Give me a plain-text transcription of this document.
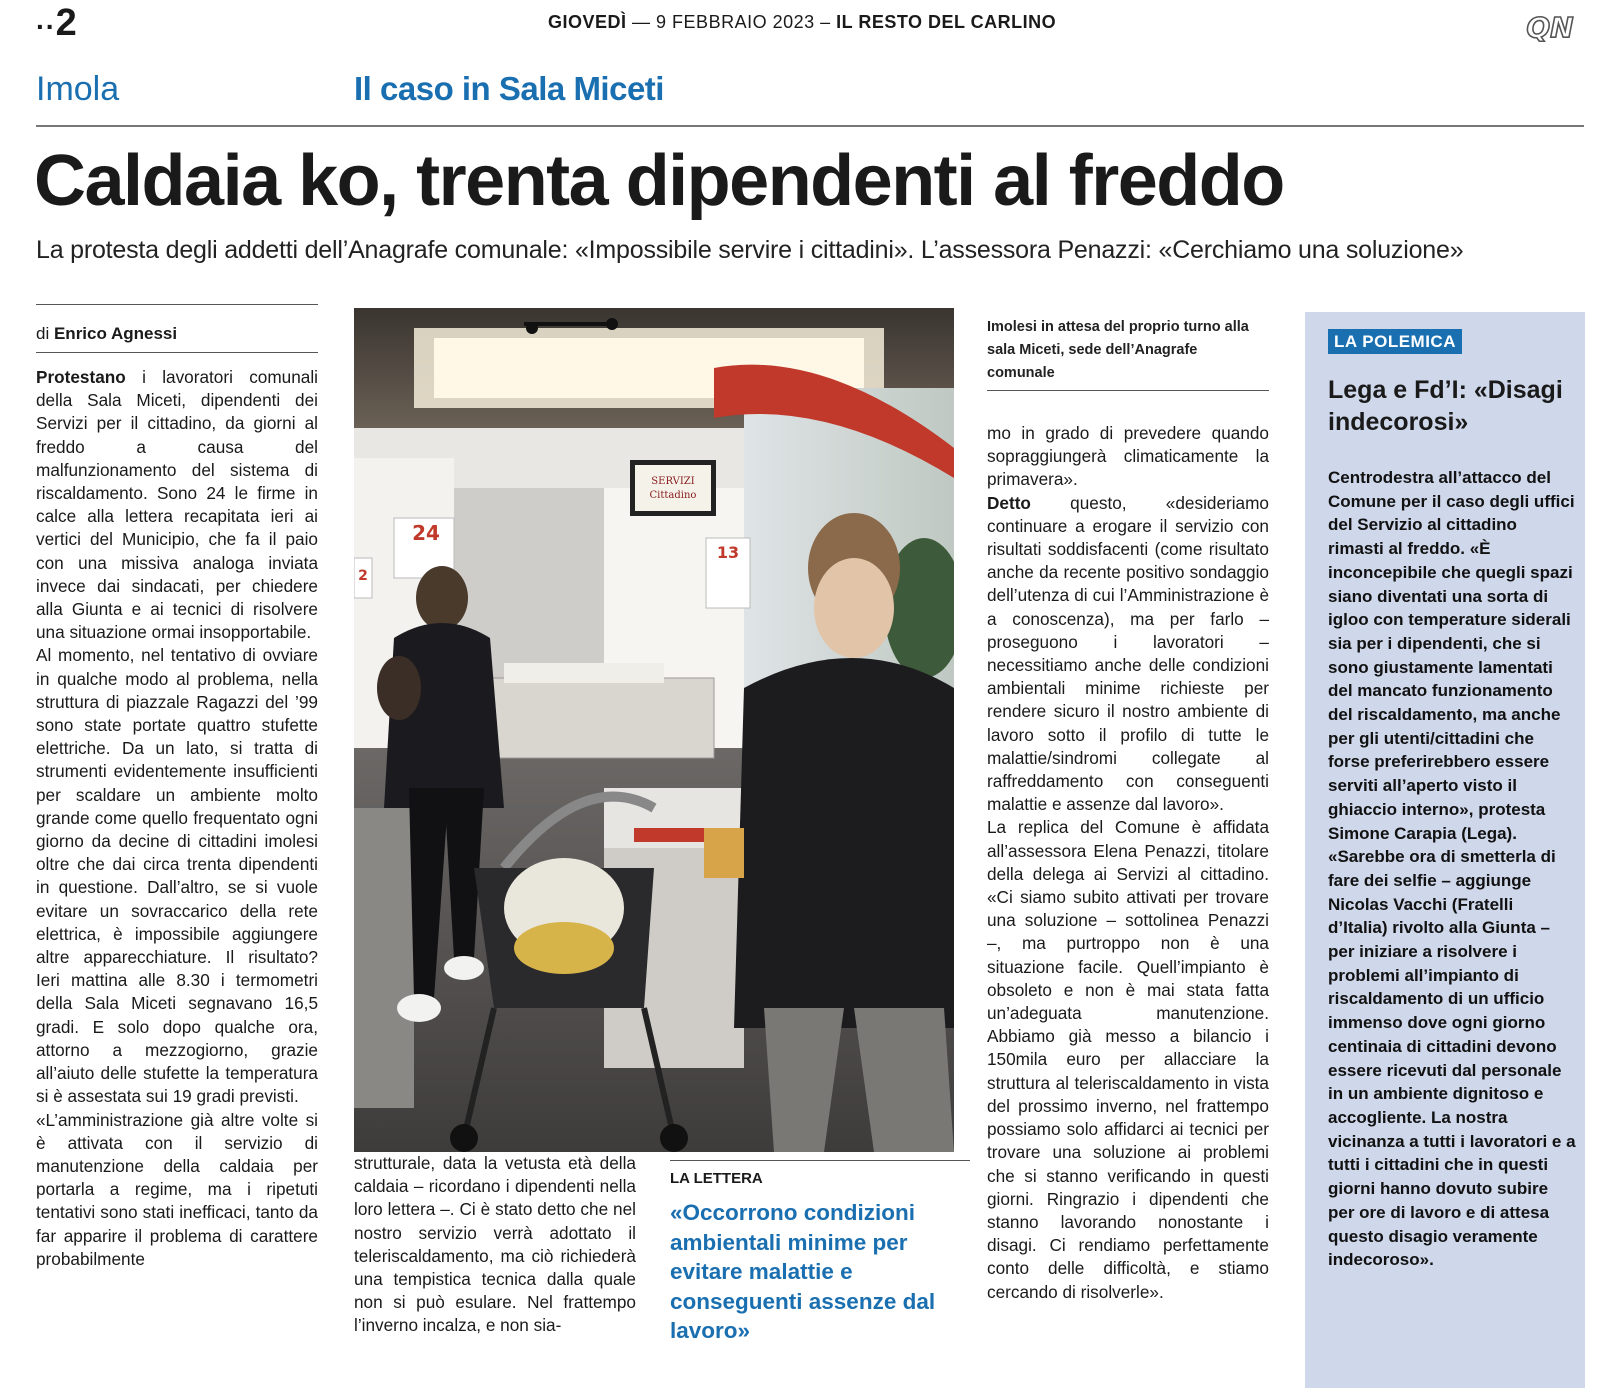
..2	GIOVEDÌ — 9 FEBBRAIO 2023 – IL RESTO DEL CARLINO	QN
Imola	Il caso in Sala Miceti
Caldaia ko, trenta dipendenti al freddo
La protesta degli addetti dell’Anagrafe comunale: «Impossibile servire i cittadini». L’assessora Penazzi: «Cerchiamo una soluzione»
di Enrico Agnessi

Protestano i lavoratori comunali della Sala Miceti, dipendenti dei Servizi per il cittadino, da giorni al freddo a causa del malfunzionamento del sistema di riscaldamento. Sono 24 le firme in calce alla lettera recapitata ieri ai vertici del Municipio, che fa il paio con una missiva analoga inviata invece dai sindacati, per chiedere alla Giunta e ai tecnici di risolvere una situazione ormai insopportabile.

Al momento, nel tentativo di ovviare in qualche modo al problema, nella struttura di piazzale Ragazzi del ’99 sono state portate quattro stufette elettriche. Da un lato, si tratta di strumenti evidentemente insufficienti per scaldare un ambiente molto grande come quello frequentato ogni giorno da decine di cittadini imolesi oltre che dai circa trenta dipendenti in questione. Dall’altro, se si vuole evitare un sovraccarico della rete elettrica, è impossibile aggiungere altre apparecchiature. Il risultato? Ieri mattina alle 8.30 i termometri della Sala Miceti segnavano 16,5 gradi. E solo dopo qualche ora, attorno a mezzogiorno, grazie all’aiuto delle stufette la temperatura si è assestata sui 19 gradi previsti.

«L’amministrazione già altre volte si è attivata con il servizio di manutenzione della caldaia per portarla a regime, ma i ripetuti tentativi sono stati inefficaci, tanto da far apparire il problema di carattere probabilmente

24
13
2
SERVIZI
Cittadino
Imolesi in attesa del proprio turno alla sala Miceti, sede dell’Anagrafe comunale

strutturale, data la vetusta età della caldaia – ricordano i dipendenti nella loro lettera –. Ci è stato detto che nel nostro servizio verrà adottato il teleriscaldamento, ma ciò richiederà una tempistica tecnica dalla quale non si può esulare. Nel frattempo l’inverno incalza, e non sia-

LA LETTERA
«Occorrono condizioni ambientali minime per evitare malattie e conseguenti assenze dal lavoro»

mo in grado di prevedere quando sopraggiungerà climaticamente la primavera».

Detto questo, «desideriamo continuare a erogare il servizio con risultati soddisfacenti (come risultato anche da recente positivo sondaggio dell’utenza di cui l’Amministrazione è a conoscenza), ma per farlo – proseguono i lavoratori – necessitiamo anche delle condizioni ambientali minime richieste per rendere sicuro il nostro ambiente di lavoro sotto il profilo di tutte le malattie/sindromi collegate al raffreddamento con conseguenti malattie e assenze dal lavoro».

La replica del Comune è affidata all’assessora Elena Penazzi, titolare della delega ai Servizi al cittadino. «Ci siamo subito attivati per trovare una soluzione – sottolinea Penazzi –, ma purtroppo non è una situazione facile. Quell’impianto è obsoleto e non è mai stata fatta un’adeguata manutenzione. Abbiamo già messo a bilancio i 150mila euro per allacciare la struttura al teleriscaldamento in vista del prossimo inverno, nel frattempo possiamo solo affidarci ai tecnici per trovare una soluzione ai problemi che si stanno verificando in questi giorni. Ringrazio i dipendenti che stanno lavorando nonostante i disagi. Ci rendiamo perfettamente conto delle difficoltà, e stiamo cercando di risolverle».

LA POLEMICA
Lega e Fd’I: «Disagi indecorosi»

Centrodestra all’attacco del Comune per il caso degli uffici del Servizio al cittadino rimasti al freddo. «È inconcepibile che quegli spazi siano diventati una sorta di igloo con temperature siderali sia per i dipendenti, che si sono giustamente lamentati del mancato funzionamento del riscaldamento, ma anche per gli utenti/cittadini che forse preferirebbero essere serviti all’aperto visto il ghiaccio interno», protesta Simone Carapia (Lega). «Sarebbe ora di smetterla di fare dei selfie – aggiunge Nicolas Vacchi (Fratelli d’Italia) rivolto alla Giunta – per iniziare a risolvere i problemi all’impianto di riscaldamento di un ufficio immenso dove ogni giorno centinaia di cittadini devono essere ricevuti dal personale in un ambiente dignitoso e accogliente. La nostra vicinanza a tutti i lavoratori e a tutti i cittadini che in questi giorni hanno dovuto subire per ore di lavoro e di attesa questo disagio veramente indecoroso».
